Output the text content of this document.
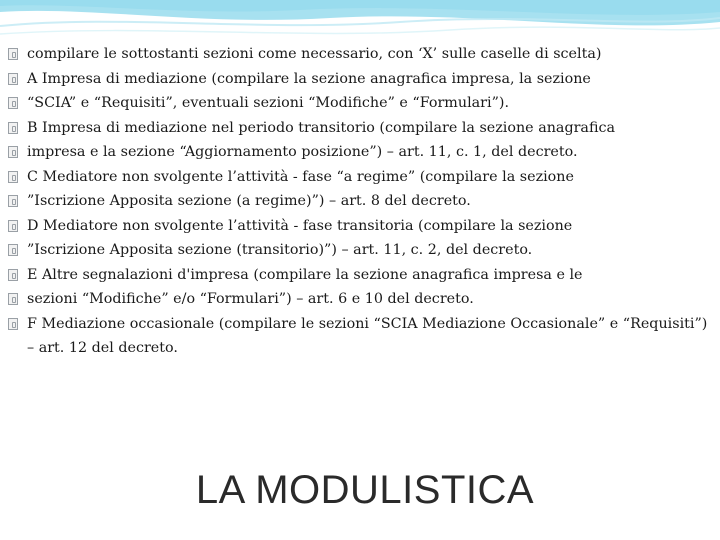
compilare le sottostanti sezioni come necessario, con ‘X’ sulle caselle di scelta)
A Impresa di mediazione (compilare la sezione anagrafica impresa, la sezione
“SCIA” e “Requisiti”, eventuali sezioni “Modifiche” e “Formulari”).
B Impresa di mediazione nel periodo transitorio (compilare la sezione anagrafica
impresa e la sezione “Aggiornamento posizione”) – art. 11, c. 1, del decreto.
C Mediatore non svolgente l’attività - fase “a regime” (compilare la sezione
”Iscrizione Apposita sezione (a regime)”) – art. 8 del decreto.
D Mediatore non svolgente l’attività - fase transitoria (compilare la sezione
”Iscrizione Apposita sezione (transitorio)”) – art. 11, c. 2, del decreto.
E Altre segnalazioni d'impresa (compilare la sezione anagrafica impresa e le
sezioni “Modifiche” e/o “Formulari”) – art. 6 e 10 del decreto.
F Mediazione occasionale (compilare le sezioni “SCIA Mediazione Occasionale” e “Requisiti”) – art. 12 del decreto.
LA MODULISTICA
